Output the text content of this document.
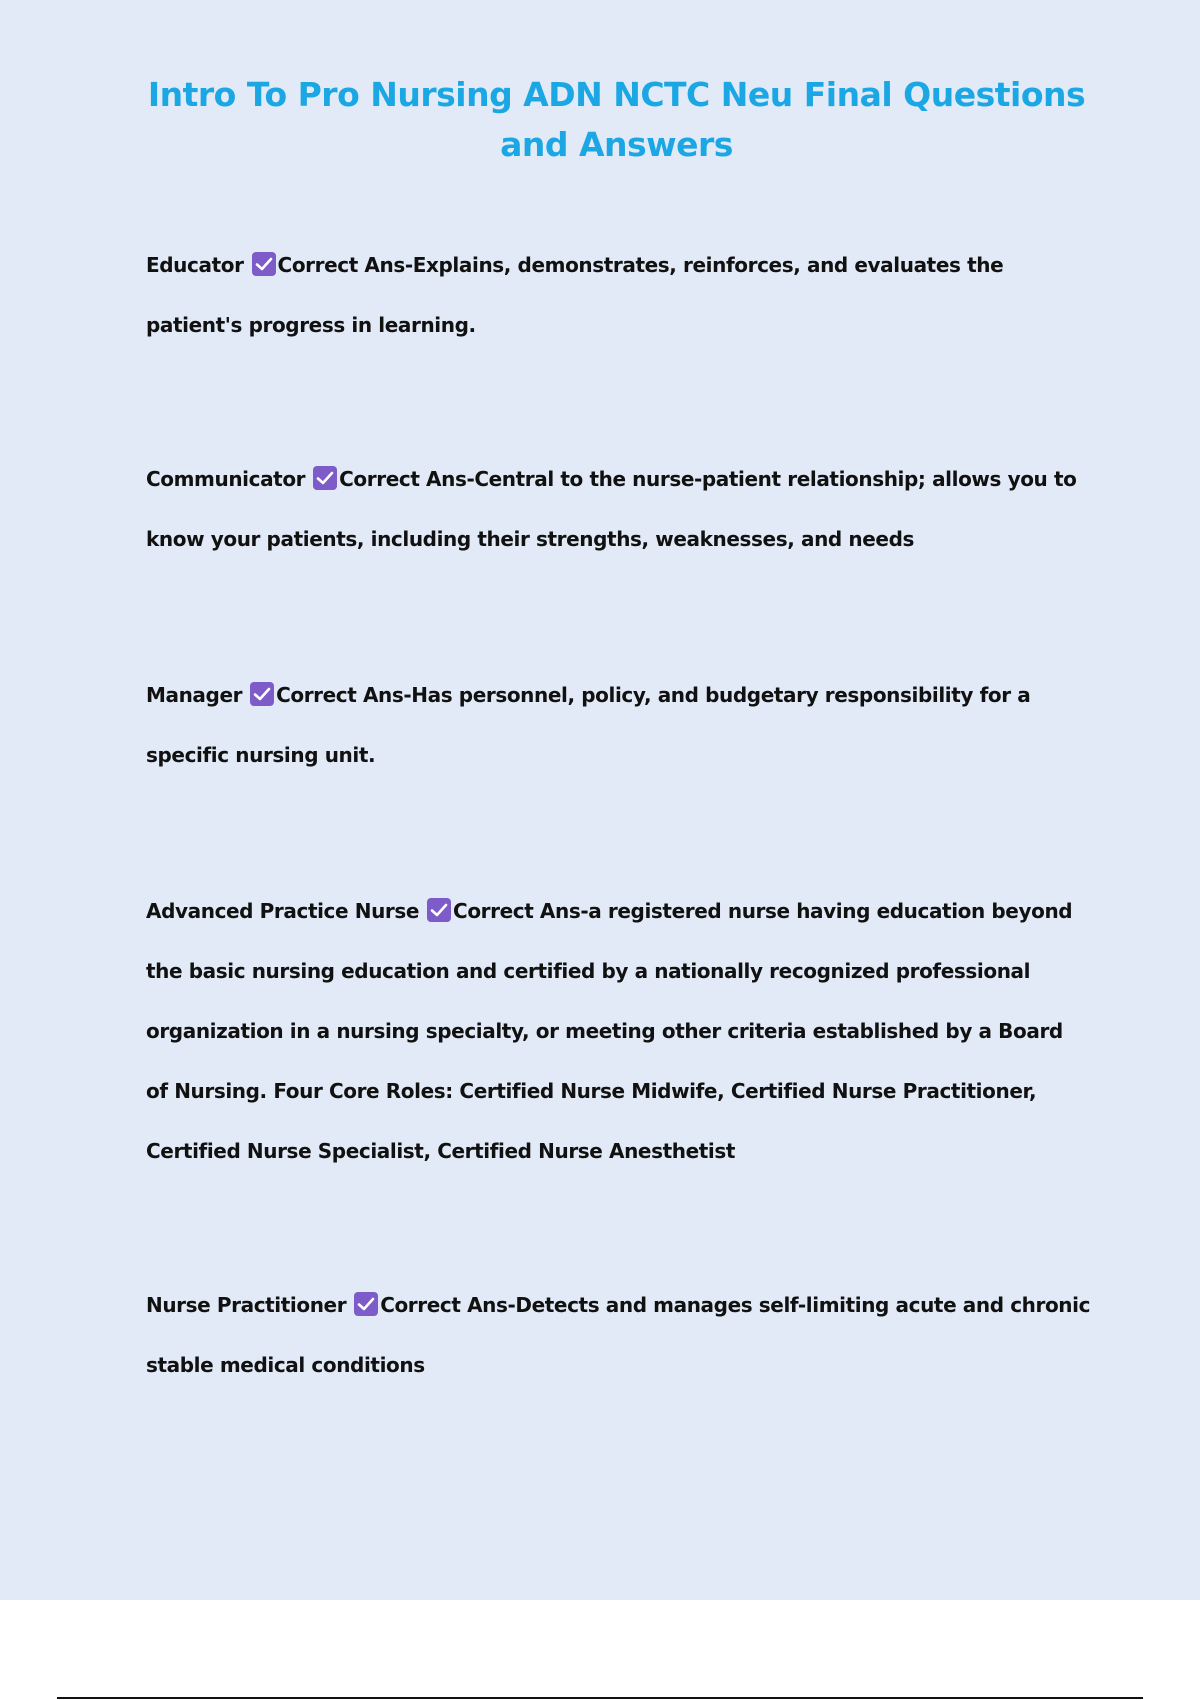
Intro To Pro Nursing ADN NCTC Neu Final Questions and Answers

Educator Correct Ans-Explains, demonstrates, reinforces, and evaluates the patient's progress in learning.

Communicator Correct Ans-Central to the nurse-patient relationship; allows you to know your patients, including their strengths, weaknesses, and needs

Manager Correct Ans-Has personnel, policy, and budgetary responsibility for a specific nursing unit.

Advanced Practice Nurse Correct Ans-a registered nurse having education beyond the basic nursing education and certified by a nationally recognized professional organization in a nursing specialty, or meeting other criteria established by a Board of Nursing. Four Core Roles: Certified Nurse Midwife, Certified Nurse Practitioner, Certified Nurse Specialist, Certified Nurse Anesthetist

Nurse Practitioner Correct Ans-Detects and manages self-limiting acute and chronic stable medical conditions
